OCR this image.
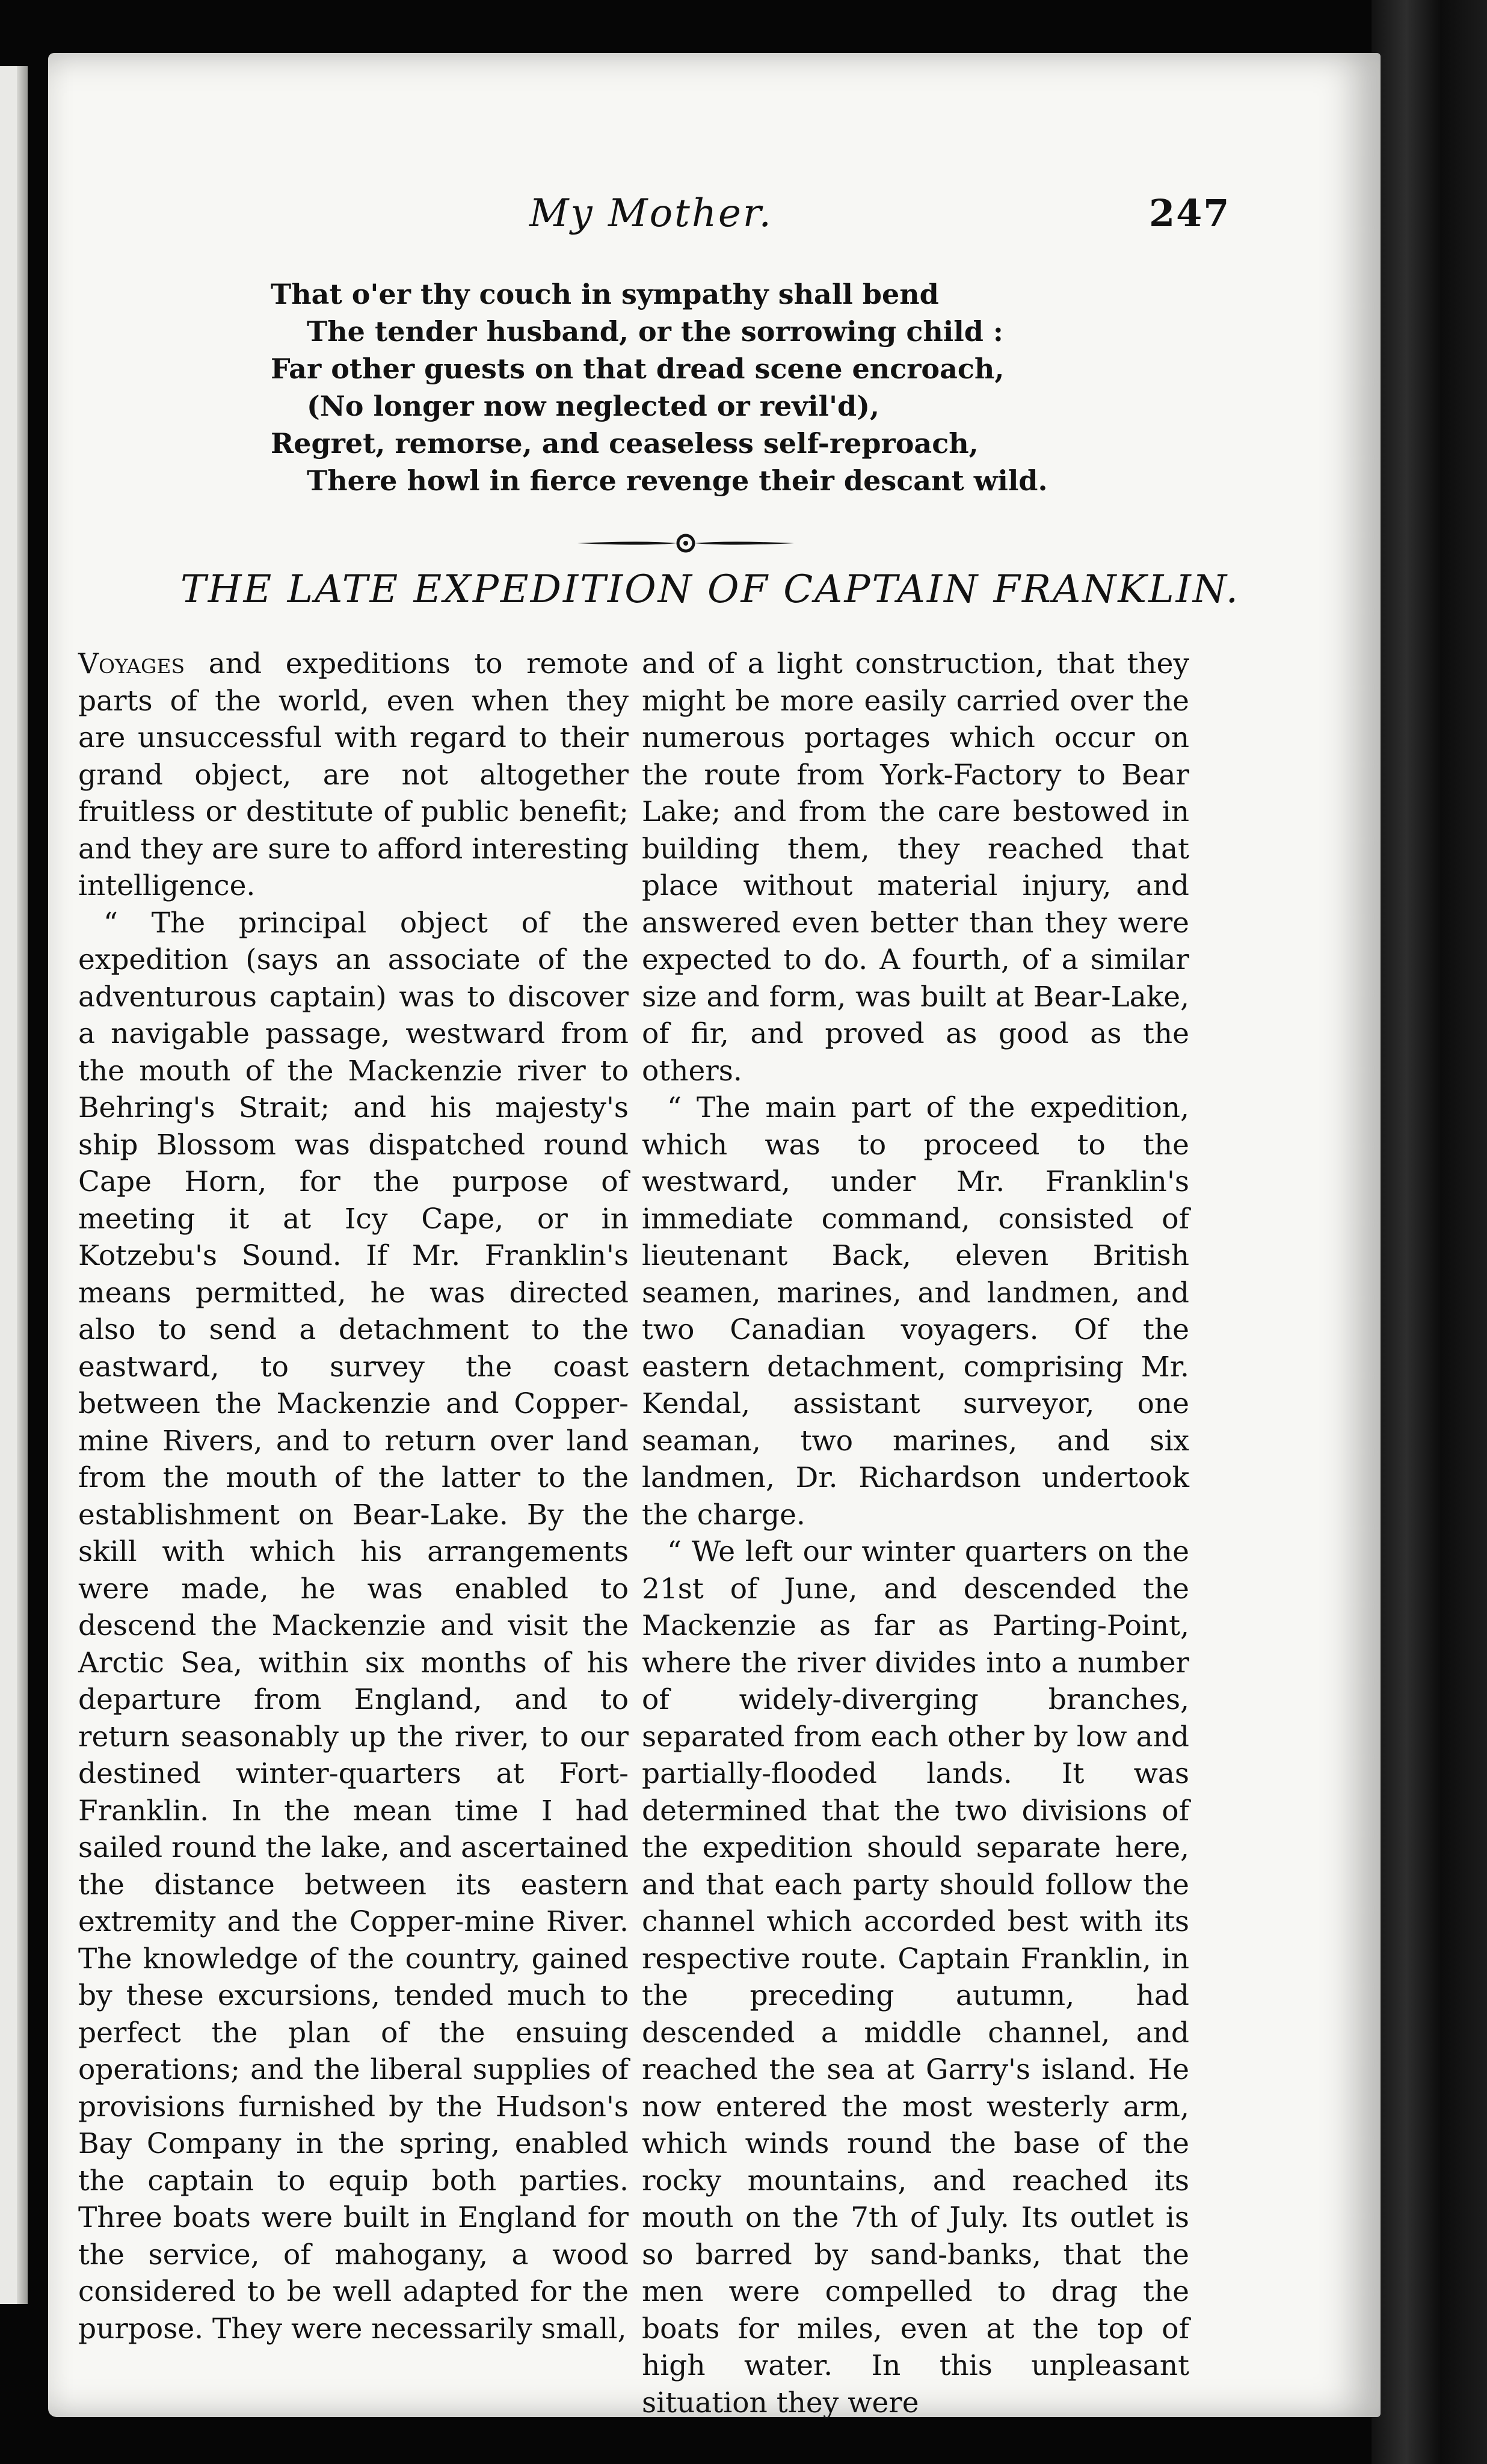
My Mother.	247
That o'er thy couch in sympathy shall bend
The tender husband, or the sorrowing child :
Far other guests on that dread scene encroach,
(No longer now neglected or revil'd),
Regret, remorse, and ceaseless self-reproach,
There howl in fierce revenge their descant wild.
THE LATE EXPEDITION OF CAPTAIN FRANKLIN.

Voyages and expeditions to remote parts of the world, even when they are unsuccessful with regard to their grand object, are not altogether fruitless or destitute of public benefit; and they are sure to afford interesting intelligence.

“ The principal object of the expedition (says an associate of the adventurous captain) was to discover a navigable passage, westward from the mouth of the Mackenzie river to Behring's Strait; and his majesty's ship Blossom was dispatched round Cape Horn, for the purpose of meeting it at Icy Cape, or in Kotzebu's Sound. If Mr. Franklin's means permitted, he was directed also to send a detachment to the eastward, to survey the coast between the Mackenzie and Copper-mine Rivers, and to return over land from the mouth of the latter to the establishment on Bear-Lake. By the skill with which his arrangements were made, he was enabled to descend the Mackenzie and visit the Arctic Sea, within six months of his departure from England, and to return seasonably up the river, to our destined winter-quarters at Fort-Franklin. In the mean time I had sailed round the lake, and ascertained the distance between its eastern extremity and the Copper-mine River. The knowledge of the country, gained by these excursions, tended much to perfect the plan of the ensuing operations; and the liberal supplies of provisions furnished by the Hudson's Bay Company in the spring, enabled the captain to equip both parties. Three boats were built in England for the service, of mahogany, a wood considered to be well adapted for the purpose. They were necessarily small,

and of a light construction, that they might be more easily carried over the numerous portages which occur on the route from York-Factory to Bear Lake; and from the care bestowed in building them, they reached that place without material injury, and answered even better than they were expected to do. A fourth, of a similar size and form, was built at Bear-Lake, of fir, and proved as good as the others.

“ The main part of the expedition, which was to proceed to the westward, under Mr. Franklin's immediate command, consisted of lieutenant Back, eleven British seamen, marines, and landmen, and two Canadian voyagers. Of the eastern detachment, comprising Mr. Kendal, assistant surveyor, one seaman, two marines, and six landmen, Dr. Richardson undertook the charge.

“ We left our winter quarters on the 21st of June, and descended the Mackenzie as far as Parting-Point, where the river divides into a number of widely-diverging branches, separated from each other by low and partially-flooded lands. It was determined that the two divisions of the expedition should separate here, and that each party should follow the channel which accorded best with its respective route. Captain Franklin, in the preceding autumn, had descended a middle channel, and reached the sea at Garry's island. He now entered the most westerly arm, which winds round the base of the rocky mountains, and reached its mouth on the 7th of July. Its outlet is so barred by sand-banks, that the men were compelled to drag the boats for miles, even at the top of high water. In this unpleasant situation they were
